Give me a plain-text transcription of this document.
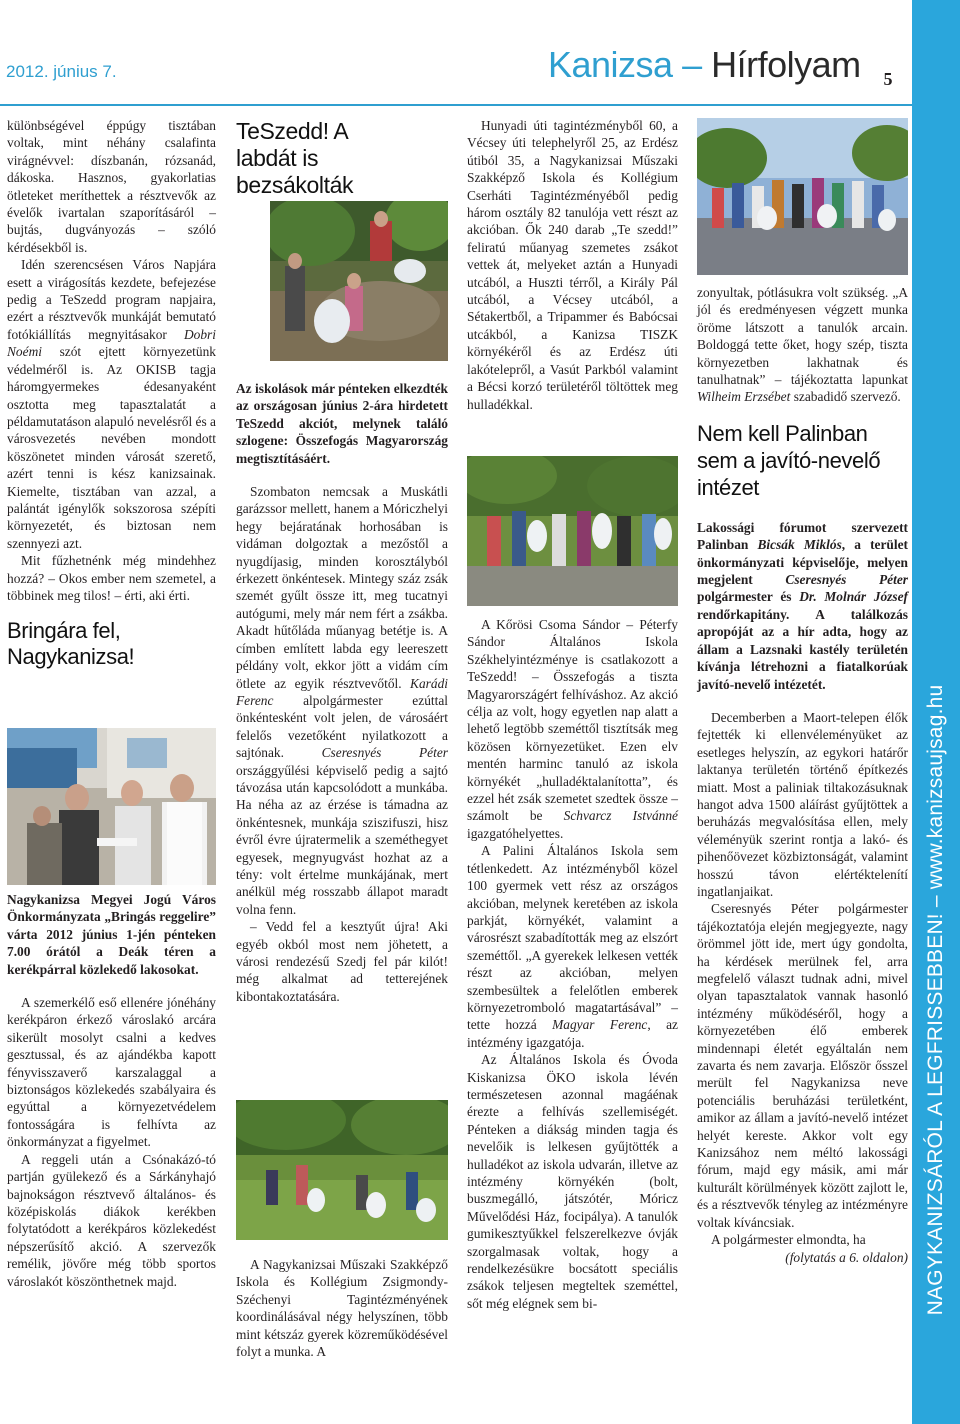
2012. június 7.	Kanizsa – Hírfolyam	5
NAGYKANIZSÁRÓL A LEGFRISSEBBEN! – www.kanizsaujsag.hu

különbségével éppúgy tisztában voltak, mint néhány csalafinta virágnévvel: díszbanán, rózsanád, dákoska. Hasznos, gyakorlatias ötleteket meríthettek a résztvevők az évelők ivartalan szaporításáról – bujtás, dugványozás – szóló kérdésekből is.

Idén szerencsésen Város Napjára esett a virágosítás kezdete, befejezése pedig a TeSzedd program napjaira, ezért a résztvevők munkáját bemutató fotókiállítás megnyitásakor Dobri Noémi szót ejtett környezetünk védelméről is. Az OKISB tagja háromgyermekes édesanyaként osztotta meg tapasztalatát a példamutatáson alapuló nevelésről és a városvezetés nevében mondott köszönetet minden városát szerető, azért tenni is kész kanizsainak. Kiemelte, tisztában van azzal, a palántát igénylők sokszorosa szépíti környezetét, és biztosan nem szennyezi azt.

Mit fűzhetnénk még mindehhez hozzá? – Okos ember nem szemetel, a többinek meg tilos! – érti, aki érti.

Bringára fel, Nagykanizsa!

Nagykanizsa Megyei Jogú Város Önkormányzata „Bringás reggelire” várta 2012 június 1-jén pénteken 7.00 órától a Deák téren a kerékpárral közlekedő lakosokat.

A szemerkélő eső ellenére jónéhány kerékpáron érkező városlakó arcára sikerült mosolyt csalni a kedves gesztussal, és az ajándékba kapott fényvisszaverő karszalaggal a biztonságos közlekedés szabályaira és egyúttal a környezetvédelem fontosságára is felhívta az önkormányzat a figyelmet.

A reggeli után a Csónakázó-tó partján gyülekező és a Sárkányhajó bajnokságon résztvevő általános- és középiskolás diákok kerékben folytatódott a kerékpáros közlekedést népszerűsítő akció. A szervezők remélik, jövőre még több sportos városlakót köszönthetnek majd.

TeSzedd! A labdát is bezsákolták

Az iskolások már pénteken elkezdték az országosan június 2-ára hirdetett TeSzedd akciót, melynek találó szlogene: Összefogás Magyarország megtisztításáért.

Szombaton nemcsak a Muskátli garázssor mellett, hanem a Móriczhelyi hegy bejáratának horhosában is vidáman dolgoztak a mezőstől a nyugdíjasig, minden korosztályból érkezett önkéntesek. Mintegy száz zsák szemét gyűlt össze itt, meg tucatnyi autógumi, mely már nem fért a zsákba. Akadt hűtőláda műanyag betétje is. A címben említett labda egy leereszett példány volt, ekkor jött a vidám cím ötlete az egyik résztvevőtől. Karádi Ferenc alpolgármester ezúttal önkéntesként volt jelen, de városáért felelős vezetőként nyilatkozott a sajtónak. Cseresnyés Péter országgyűlési képviselő pedig a sajtó távozása után kapcsolódott a munkába. Ha néha az az érzése is támadna az önkéntesnek, munkája sziszifuszi, hisz évről évre újratermelik a szeméthegyet egyesek, megnyugvást hozhat az a tény: volt értelme munkájának, mert anélkül még rosszabb állapot maradt volna fenn.

– Vedd fel a kesztyűt újra! Aki egyéb okból most nem jöhetett, a városi rendezésű Szedj fel pár kilót! még alkalmat ad tetterejének kibontakoztatására.

A Nagykanizsai Műszaki Szakképző Iskola és Kollégium Zsigmondy-Széchenyi Tagintézményének koordinálásával négy helyszínen, több mint kétszáz gyerek közreműködésével folyt a munka. A

Hunyadi úti tagintézményből 60, a Vécsey úti telephelyről 25, az Erdész útiból 35, a Nagykanizsai Műszaki Szakképző Iskola és Kollégium Cserháti Tagintézményéből pedig három osztály 82 tanulója vett részt az akcióban. Ők 240 darab „Te szedd!” feliratú műanyag szemetes zsákot vettek át, melyeket aztán a Hunyadi utcából, a Huszti térről, a Király Pál utcából, a Vécsey utcából, a Sétakertből, a Tripammer és Babócsai utcákból, a Kanizsa TISZK környékéről és az Erdész úti lakótelepről, a Vasút Parkból valamint a Bécsi korzó területéről töltöttek meg hulladékkal.

A Kőrösi Csoma Sándor – Péterfy Sándor Általános Iskola Székhelyintézménye is csatlakozott a TeSzedd! – Összefogás a tiszta Magyarországért felhíváshoz. Az akció célja az volt, hogy egyetlen nap alatt a lehető legtöbb szeméttől tisztítsák meg közösen környezetüket. Ezen elv mentén harminc tanuló az iskola környékét „hulladéktalanította”, és ezzel hét zsák szemetet szedtek össze – számolt be Schvarcz Istvánné igazgatóhelyettes.

A Palini Általános Iskola sem tétlenkedett. Az intézményből közel 100 gyermek vett rész az országos akcióban, melynek keretében az iskola parkját, környékét, valamint a városrészt szabadították meg az elszórt szeméttől. „A gyerekek lelkesen vették részt az akcióban, melyen szembesültek a felelőtlen emberek környezetromboló magatartásával” – tette hozzá Magyar Ferenc, az intézmény igazgatója.

Az Általános Iskola és Óvoda Kiskanizsa ÖKO iskola lévén természetesen azonnal magáénak érezte a felhívás szellemiségét. Pénteken a diákság minden tagja és nevelőik is lelkesen gyűjtötték a hulladékot az iskola udvarán, illetve az intézmény környékén (bolt, buszmegálló, játszótér, Móricz Művelődési Ház, focipálya). A tanulók gumikesztyűkkel felszerelkezve óvják szorgalmasak voltak, hogy a rendelkezésükre bocsátott speciális zsákok teljesen megteltek szeméttel, sőt még elégnek sem bi-

zonyultak, pótlásukra volt szükség. „A jól és eredményesen végzett munka öröme látszott a tanulók arcain. Boldoggá tette őket, hogy szép, tiszta környezetben lakhatnak és tanulhatnak” – tájékoztatta lapunkat Wilheim Erzsébet szabadidő szervező.

Nem kell Palinban sem a javító-nevelő intézet

Lakossági fórumot szervezett Palinban Bicsák Miklós, a terület önkormányzati képviselője, melyen megjelent Cseresnyés Péter polgármester és Dr. Molnár József rendőrkapitány. A találkozás apropóját az a hír adta, hogy az állam a Lazsnaki kastély területén kívánja létrehozni a fiatalkorúak javító-nevelő intézetét.

Decemberben a Maort-telepen élők fejtették ki ellenvéleményüket az esetleges helyszín, az egykori határőr laktanya területén történő építkezés miatt. Most a paliniak tiltakozásuknak hangot adva 1500 aláírást gyűjtöttek a beruházás megvalósítása ellen, mely véleményük szerint rontja a lakó- és pihenőövezet közbiztonságát, valamint hosszú távon elértéktelenítí ingatlanjaikat.

Cseresnyés Péter polgármester tájékoztatója elején megjegyezte, nagy örömmel jött ide, mert úgy gondolta, ha kérdések merülnek fel, arra megfelelő választ tudnak adni, mivel olyan tapasztalatok vannak hasonló intézmény működéséről, hogy a környezetében élő emberek mindennapi életét egyáltalán nem zavarta és nem zavarja. Először ősszel merült fel Nagykanizsa neve potenciális beruházási területként, amikor az állam a javító-nevelő intézet helyét kereste. Akkor volt egy Kanizsához nem méltó lakossági fórum, majd egy másik, ami már kulturált körülmények között zajlott le, és a résztvevők tényleg az intézményre voltak kíváncsiak.

A polgármester elmondta, ha

(folytatás a 6. oldalon)
